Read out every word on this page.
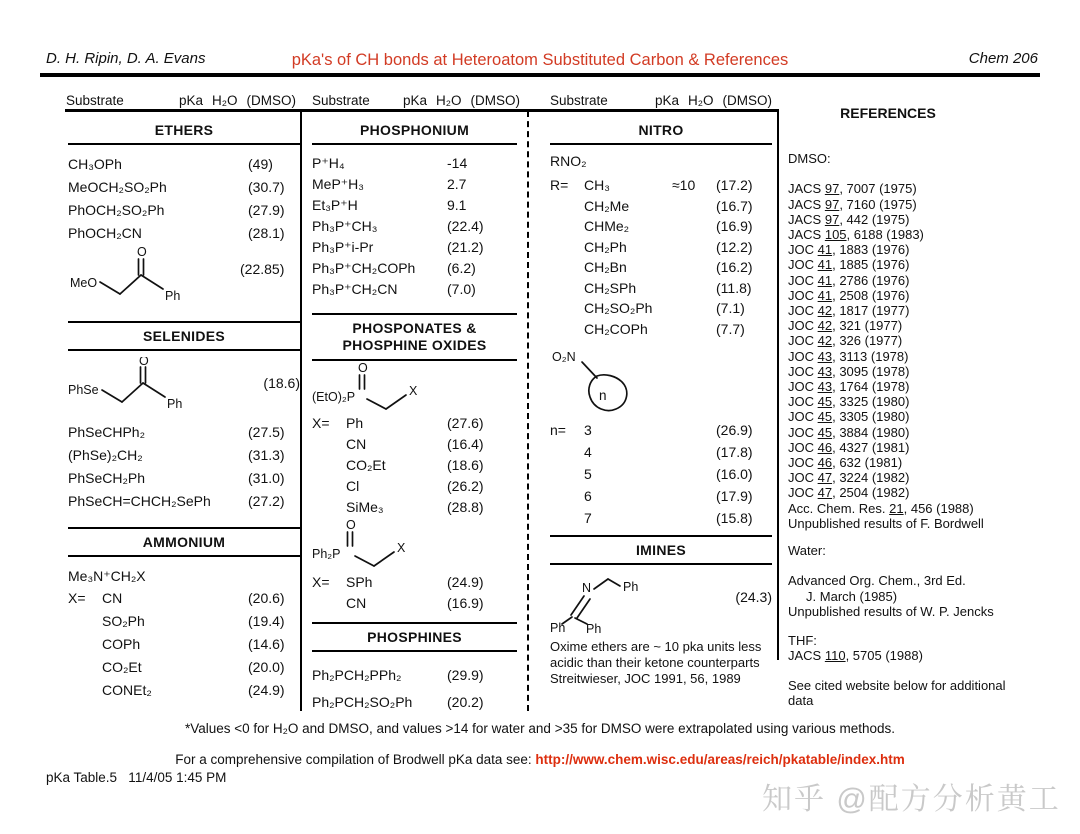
D. H. Ripin, D. A. Evans	pKa's of CH bonds at Heteroatom Substituted Carbon & References	Chem 206
Substrate	pKa H₂O (DMSO) Substrate pKa H₂O (DMSO) Substrate	pKa H₂O (DMSO)
ETHERS
CH₃OPh	(49)
MeOCH₂SO₂Ph	(30.7)
PhOCH₂SO₂Ph	(27.9)
PhOCH₂CN	(28.1)
MeO
O
Ph
(22.85)
SELENIDES
PhSe
O
Ph
(18.6)
PhSeCHPh₂	(27.5)
(PhSe)₂CH₂	(31.3)
PhSeCH₂Ph	(31.0)
PhSeCH=CHCH₂SePh	(27.2)
AMMONIUM
Me₃N⁺CH₂X
X=	CN	(20.6)

SO₂Ph	(19.4)

COPh	(14.6)

CO₂Et	(20.0)

CONEt₂	(24.9)
PHOSPHONIUM
P⁺H₄	-14
MeP⁺H₃	2.7
Et₃P⁺H	9.1
Ph₃P⁺CH₃	(22.4)
Ph₃P⁺i-Pr	(21.2)
Ph₃P⁺CH₂COPh	(6.2)
Ph₃P⁺CH₂CN	(7.0)
PHOSPONATES &
PHOSPHINE OXIDES
(EtO)₂P
O
X
X=	Ph	(27.6)

CN	(16.4)

CO₂Et	(18.6)

Cl	(26.2)

SiMe₃	(28.8)
Ph₂P
O
X
X=	SPh	(24.9)

CN	(16.9)
PHOSPHINES
Ph₂PCH₂PPh₂	(29.9)
Ph₂PCH₂SO₂Ph	(20.2)
NITRO
RNO₂
R=	CH₃	≈10	(17.2)

CH₂Me	(16.7)

CHMe₂	(16.9)

CH₂Ph	(12.2)

CH₂Bn	(16.2)

CH₂SPh	(11.8)

CH₂SO₂Ph	(7.1)

CH₂COPh	(7.7)
O₂N
n
n=	3	(26.9)

4	(17.8)

5	(16.0)

6	(17.9)

7	(15.8)
IMINES
N
Ph Ph
Ph
(24.3)
Oxime ethers are ~ 10 pka units less
acidic than their ketone counterparts
Streitwieser, JOC 1991, 56, 1989
REFERENCES
DMSO:

JACS 97, 7007 (1975)
JACS 97, 7160 (1975)
JACS 97, 442 (1975)
JACS 105, 6188 (1983)
JOC 41, 1883 (1976)
JOC 41, 1885 (1976)
JOC 41, 2786 (1976)
JOC 41, 2508 (1976)
JOC 42, 1817 (1977)
JOC 42, 321 (1977)
JOC 42, 326 (1977)
JOC 43, 3113 (1978)
JOC 43, 3095 (1978)
JOC 43, 1764 (1978)
JOC 45, 3325 (1980)
JOC 45, 3305 (1980)
JOC 45, 3884 (1980)
JOC 46, 4327 (1981)
JOC 46, 632 (1981)
JOC 47, 3224 (1982)
JOC 47, 2504 (1982)
Acc. Chem. Res. 21, 456 (1988)
Unpublished results of F. Bordwell
Water:

Advanced Org. Chem., 3rd Ed.
J. March (1985)
Unpublished results of W. P. Jencks
THF:
JACS 110, 5705 (1988)
See cited website below for additional
data
*Values <0 for H₂O and DMSO, and values >14 for water and >35 for DMSO were extrapolated using various methods.
For a comprehensive compilation of Brodwell pKa data see: http://www.chem.wisc.edu/areas/reich/pkatable/index.htm
pKa Table.5   11/4/05 1:45 PM
知乎 @配方分析黄工
